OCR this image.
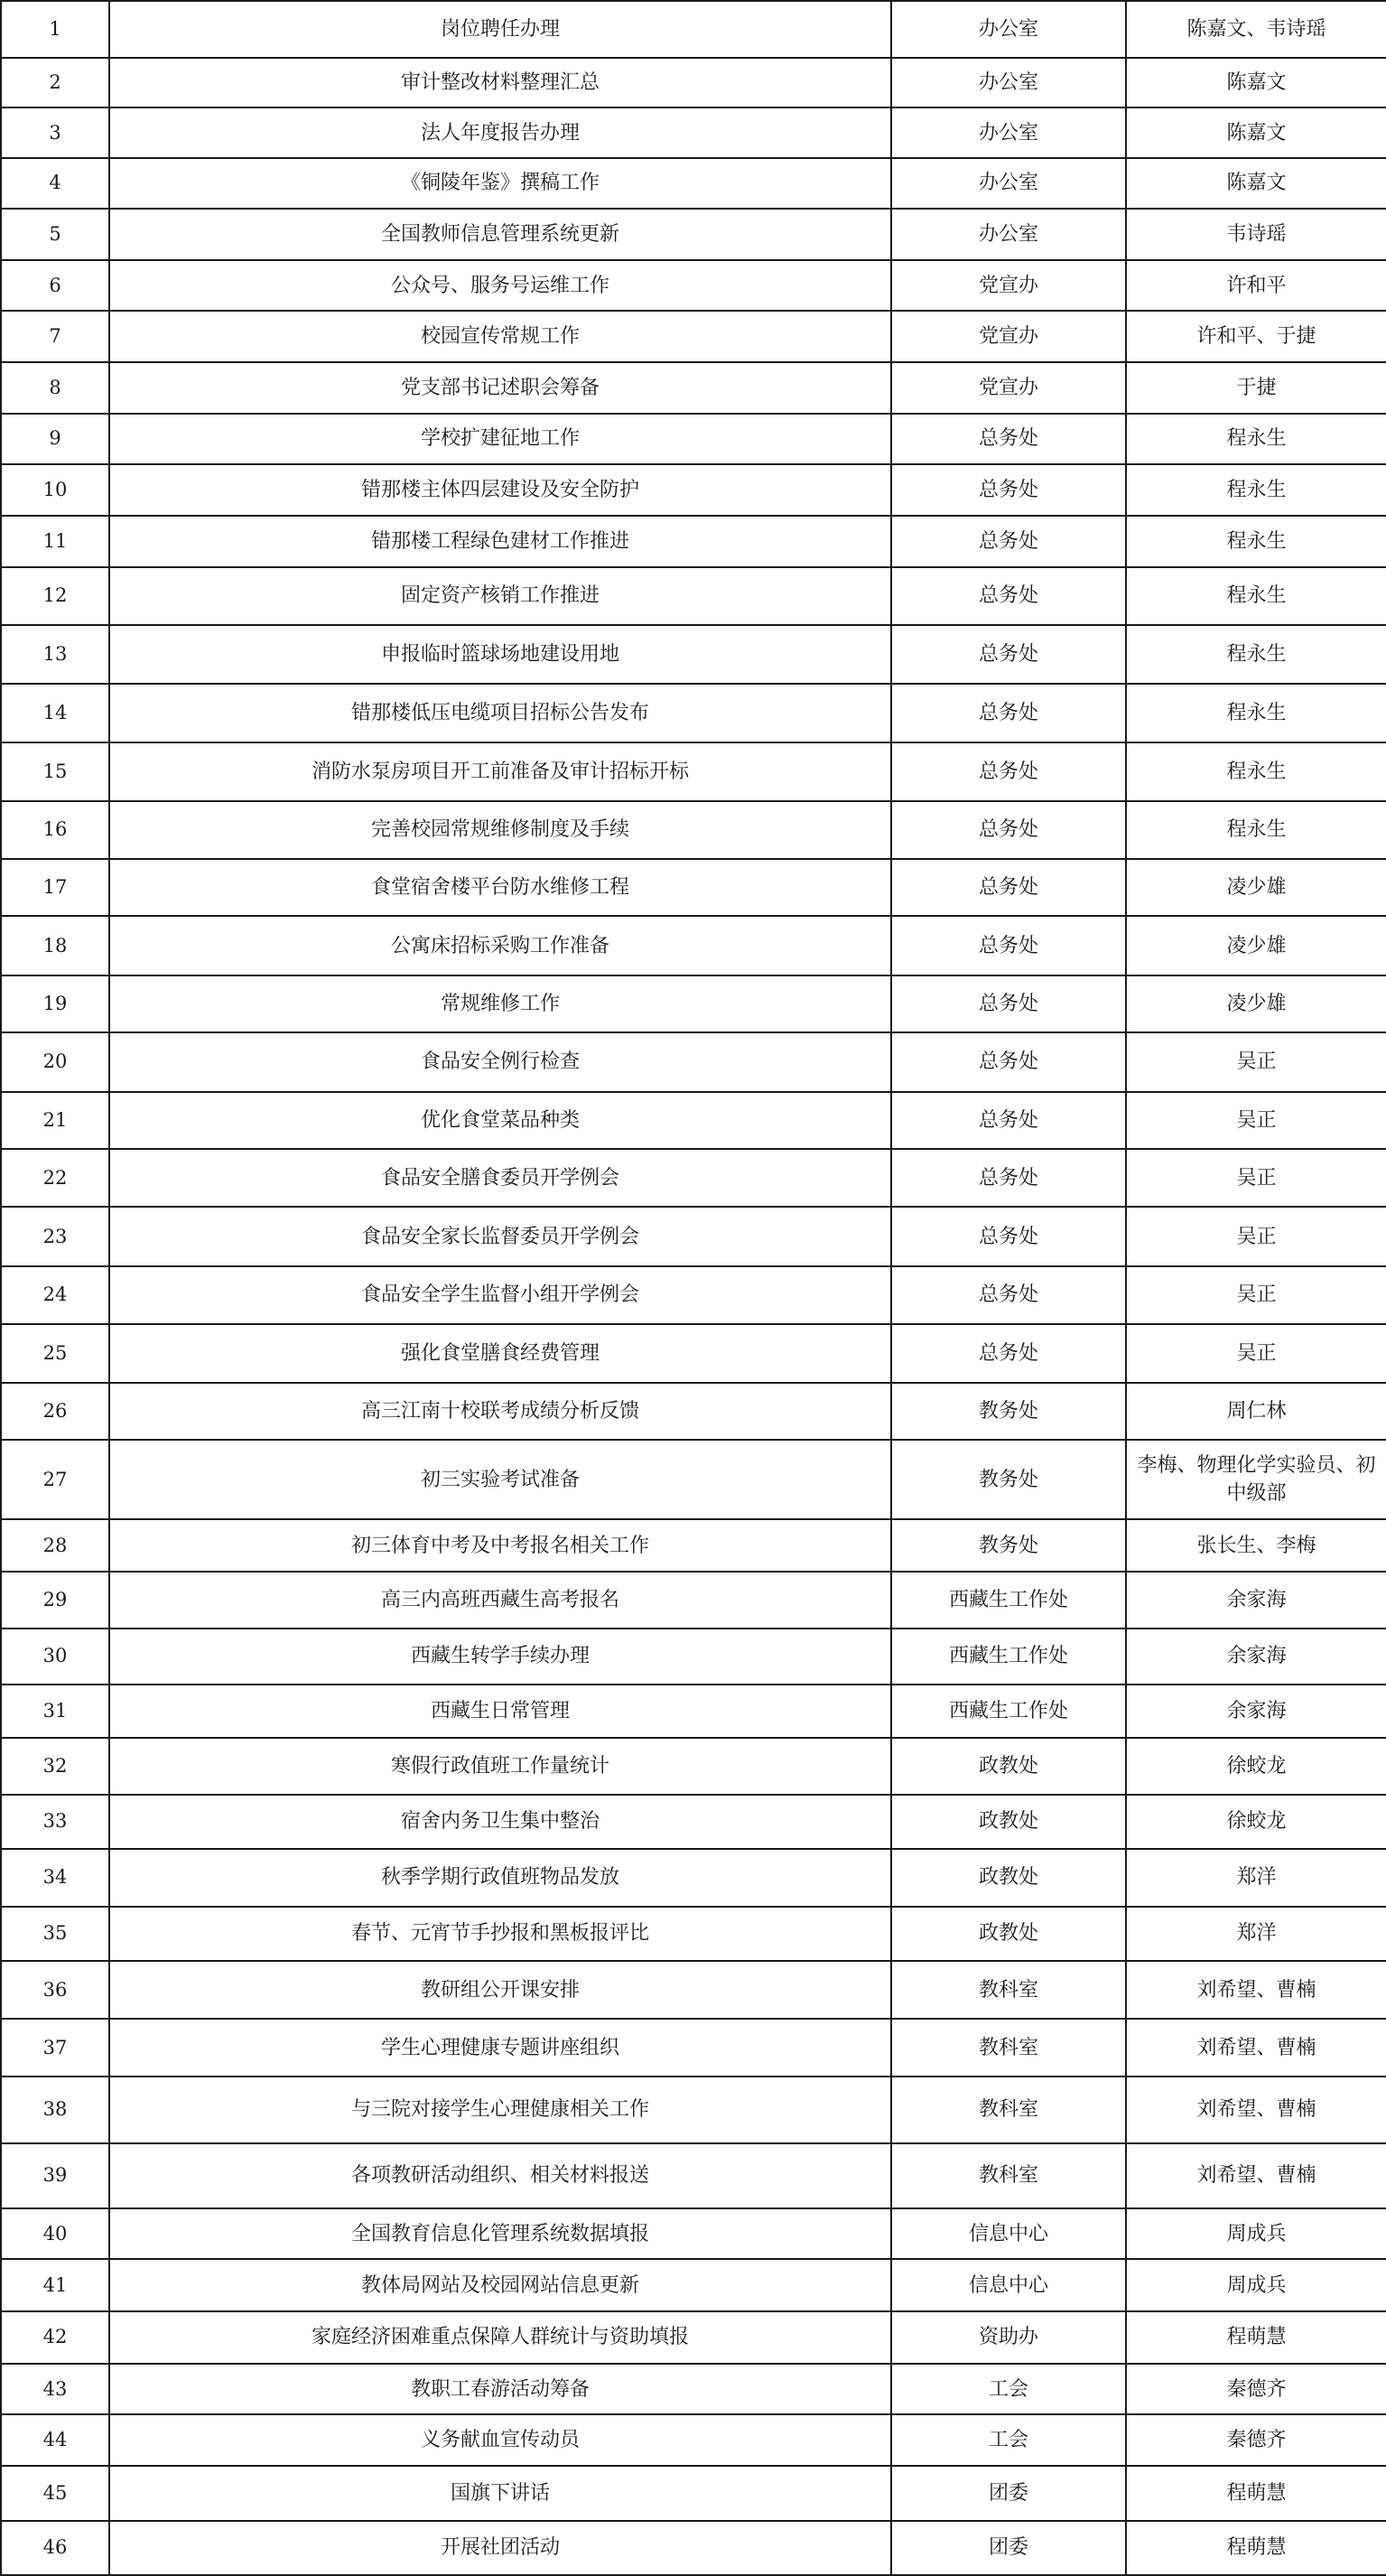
1	岗位聘任办理	办公室	陈嘉文、韦诗瑶
2	审计整改材料整理汇总	办公室	陈嘉文
3	法人年度报告办理	办公室	陈嘉文
4	《铜陵年鉴》撰稿工作	办公室	陈嘉文
5	全国教师信息管理系统更新	办公室	韦诗瑶
6	公众号、服务号运维工作	党宣办	许和平
7	校园宣传常规工作	党宣办	许和平、于捷
8	党支部书记述职会筹备	党宣办	于捷
9	学校扩建征地工作	总务处	程永生
10	错那楼主体四层建设及安全防护	总务处	程永生
11	错那楼工程绿色建材工作推进	总务处	程永生
12	固定资产核销工作推进	总务处	程永生
13	申报临时篮球场地建设用地	总务处	程永生
14	错那楼低压电缆项目招标公告发布	总务处	程永生
15	消防水泵房项目开工前准备及审计招标开标	总务处	程永生
16	完善校园常规维修制度及手续	总务处	程永生
17	食堂宿舍楼平台防水维修工程	总务处	凌少雄
18	公寓床招标采购工作准备	总务处	凌少雄
19	常规维修工作	总务处	凌少雄
20	食品安全例行检查	总务处	吴正
21	优化食堂菜品种类	总务处	吴正
22	食品安全膳食委员开学例会	总务处	吴正
23	食品安全家长监督委员开学例会	总务处	吴正
24	食品安全学生监督小组开学例会	总务处	吴正
25	强化食堂膳食经费管理	总务处	吴正
26	高三江南十校联考成绩分析反馈	教务处	周仁林
27	初三实验考试准备	教务处	李梅、物理化学实验员、初中级部
28	初三体育中考及中考报名相关工作	教务处	张长生、李梅
29	高三内高班西藏生高考报名	西藏生工作处	余家海
30	西藏生转学手续办理	西藏生工作处	余家海
31	西藏生日常管理	西藏生工作处	余家海
32	寒假行政值班工作量统计	政教处	徐蛟龙
33	宿舍内务卫生集中整治	政教处	徐蛟龙
34	秋季学期行政值班物品发放	政教处	郑洋
35	春节、元宵节手抄报和黑板报评比	政教处	郑洋
36	教研组公开课安排	教科室	刘希望、曹楠
37	学生心理健康专题讲座组织	教科室	刘希望、曹楠
38	与三院对接学生心理健康相关工作	教科室	刘希望、曹楠
39	各项教研活动组织、相关材料报送	教科室	刘希望、曹楠
40	全国教育信息化管理系统数据填报	信息中心	周成兵
41	教体局网站及校园网站信息更新	信息中心	周成兵
42	家庭经济困难重点保障人群统计与资助填报	资助办	程萌慧
43	教职工春游活动筹备	工会	秦德齐
44	义务献血宣传动员	工会	秦德齐
45	国旗下讲话	团委	程萌慧
46	开展社团活动	团委	程萌慧
